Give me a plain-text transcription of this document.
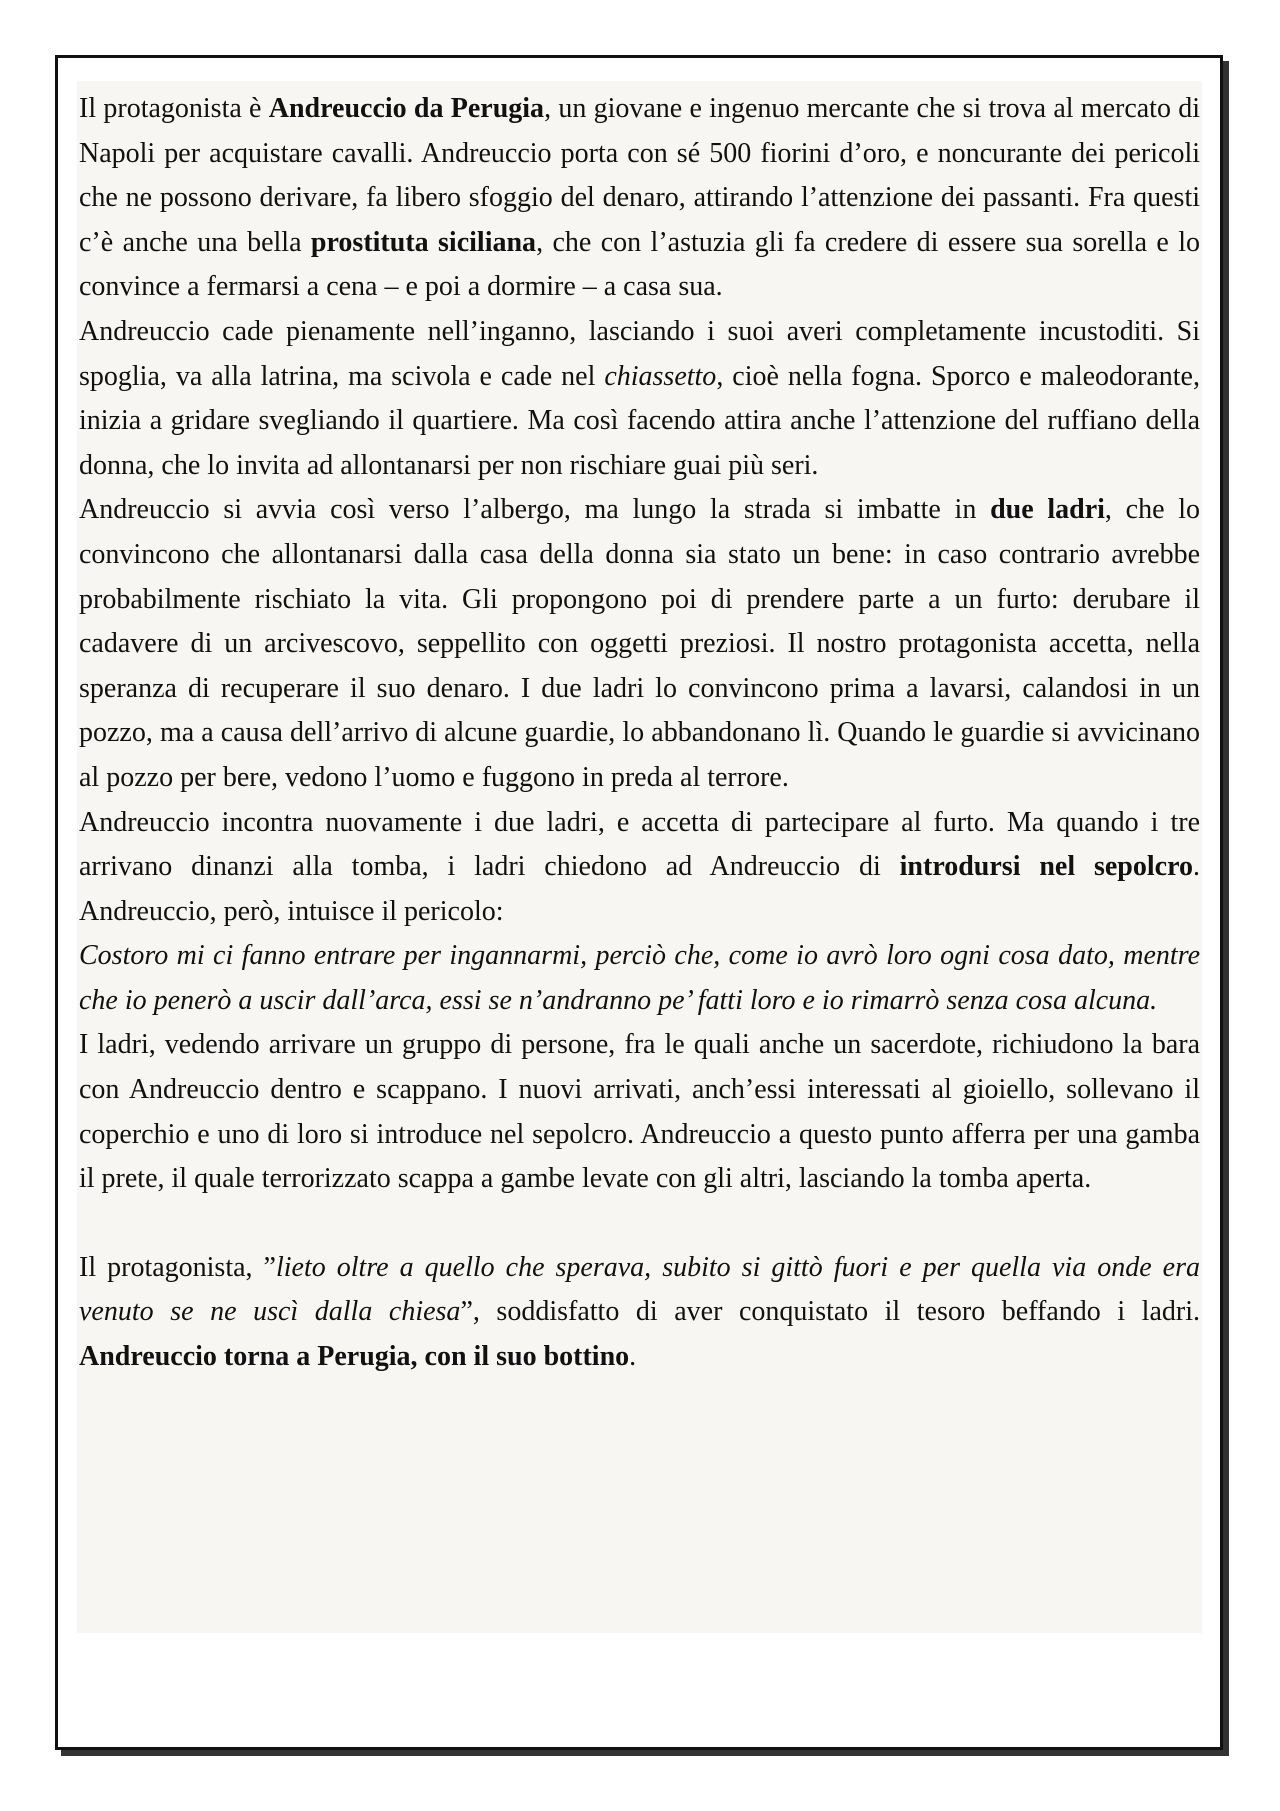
Il protagonista è Andreuccio da Perugia, un giovane e ingenuo mercante che si trova al mercato di Napoli per acquistare cavalli. Andreuccio porta con sé 500 fiorini d’oro, e noncurante dei pericoli che ne possono derivare, fa libero sfoggio del denaro, attirando l’attenzione dei passanti. Fra questi c’è anche una bella prostituta siciliana, che con l’astuzia gli fa credere di essere sua sorella e lo convince a fermarsi a cena – e poi a dormire – a casa sua.

Andreuccio cade pienamente nell’inganno, lasciando i suoi averi completamente incustoditi. Si spoglia, va alla latrina, ma scivola e cade nel chiassetto, cioè nella fogna. Sporco e maleodorante, inizia a gridare svegliando il quartiere. Ma così facendo attira anche l’attenzione del ruffiano della donna, che lo invita ad allontanarsi per non rischiare guai più seri.

Andreuccio si avvia così verso l’albergo, ma lungo la strada si imbatte in due ladri, che lo convincono che allontanarsi dalla casa della donna sia stato un bene: in caso contrario avrebbe probabilmente rischiato la vita. Gli propongono poi di prendere parte a un furto: derubare il cadavere di un arcivescovo, seppellito con oggetti preziosi. Il nostro protagonista accetta, nella speranza di recuperare il suo denaro. I due ladri lo convincono prima a lavarsi, calandosi in un pozzo, ma a causa dell’arrivo di alcune guardie, lo abbandonano lì. Quando le guardie si avvicinano al pozzo per bere, vedono l’uomo e fuggono in preda al terrore.

Andreuccio incontra nuovamente i due ladri, e accetta di partecipare al furto. Ma quando i tre arrivano dinanzi alla tomba, i ladri chiedono ad Andreuccio di introdursi nel sepolcro. Andreuccio, però, intuisce il pericolo:

Costoro mi ci fanno entrare per ingannarmi, perciò che, come io avrò loro ogni cosa dato, mentre che io penerò a uscir dall’arca, essi se n’andranno pe’ fatti loro e io rimarrò senza cosa alcuna.

I ladri, vedendo arrivare un gruppo di persone, fra le quali anche un sacerdote, richiudono la bara con Andreuccio dentro e scappano. I nuovi arrivati, anch’essi interessati al gioiello, sollevano il coperchio e uno di loro si introduce nel sepolcro. Andreuccio a questo punto afferra per una gamba il prete, il quale terrorizzato scappa a gambe levate con gli altri, lasciando la tomba aperta.

Il protagonista, ”lieto oltre a quello che sperava, subito si gittò fuori e per quella via onde era venuto se ne uscì dalla chiesa”, soddisfatto di aver conquistato il tesoro beffando i ladri. Andreuccio torna a Perugia, con il suo bottino.
